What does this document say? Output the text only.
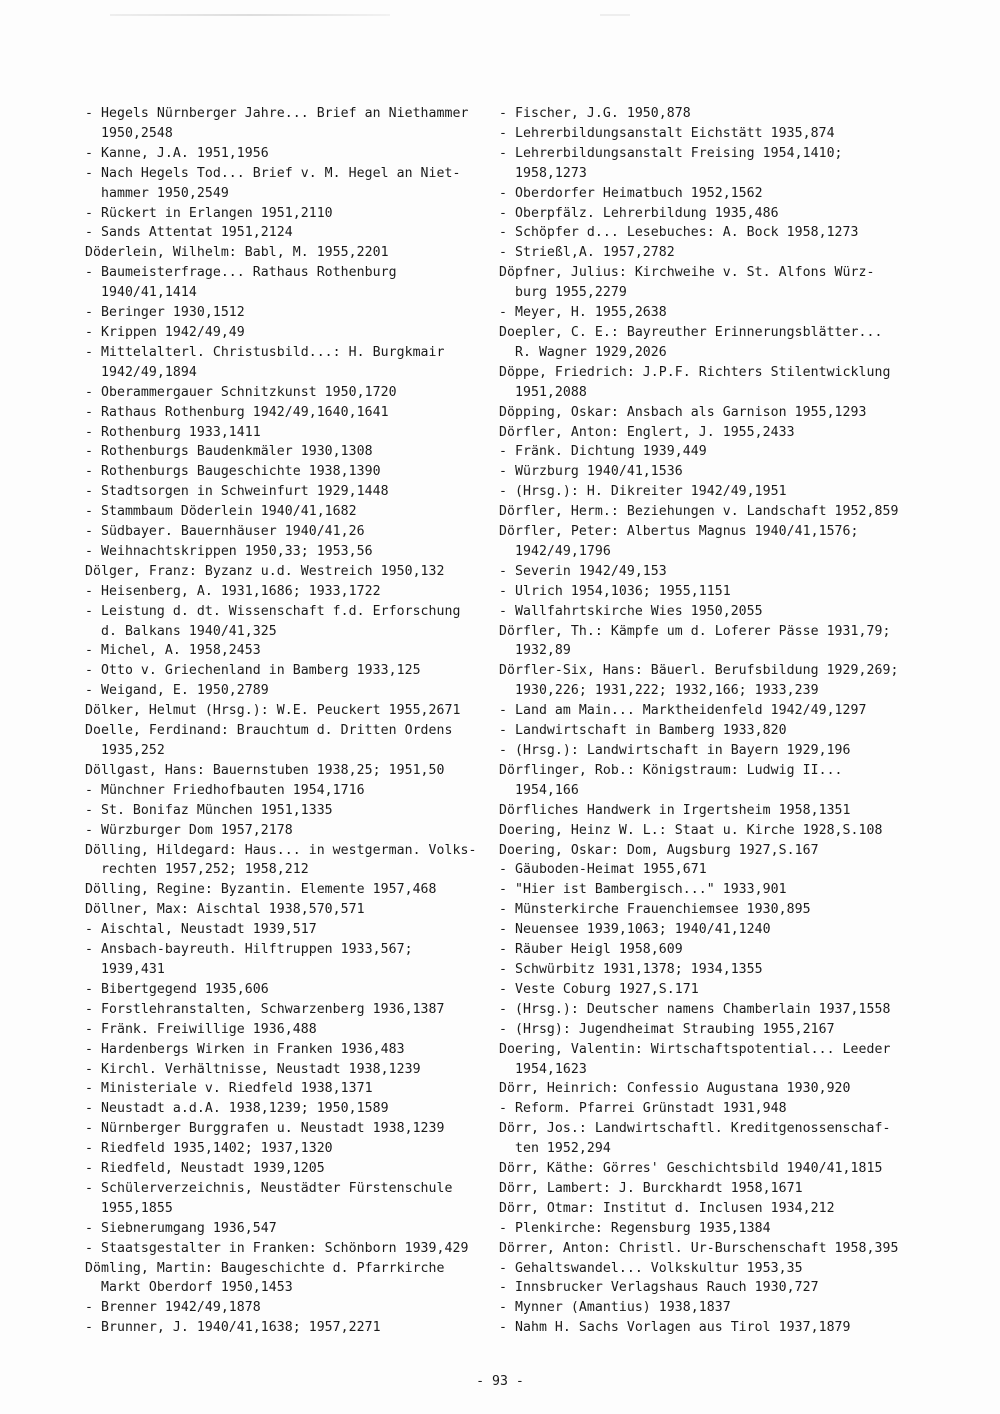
- Hegels Nürnberger Jahre... Brief an Niethammer
1950,2548
- Kanne, J.A. 1951,1956
- Nach Hegels Tod... Brief v. M. Hegel an Niet-
hammer 1950,2549
- Rückert in Erlangen 1951,2110
- Sands Attentat 1951,2124
Döderlein, Wilhelm: Babl, M. 1955,2201
- Baumeisterfrage... Rathaus Rothenburg
1940/41,1414
- Beringer 1930,1512
- Krippen 1942/49,49
- Mittelalterl. Christusbild...: H. Burgkmair
1942/49,1894
- Oberammergauer Schnitzkunst 1950,1720
- Rathaus Rothenburg 1942/49,1640,1641
- Rothenburg 1933,1411
- Rothenburgs Baudenkmäler 1930,1308
- Rothenburgs Baugeschichte 1938,1390
- Stadtsorgen in Schweinfurt 1929,1448
- Stammbaum Döderlein 1940/41,1682
- Südbayer. Bauernhäuser 1940/41,26
- Weihnachtskrippen 1950,33; 1953,56
Dölger, Franz: Byzanz u.d. Westreich 1950,132
- Heisenberg, A. 1931,1686; 1933,1722
- Leistung d. dt. Wissenschaft f.d. Erforschung
d. Balkans 1940/41,325
- Michel, A. 1958,2453
- Otto v. Griechenland in Bamberg 1933,125
- Weigand, E. 1950,2789
Dölker, Helmut (Hrsg.): W.E. Peuckert 1955,2671
Doelle, Ferdinand: Brauchtum d. Dritten Ordens
1935,252
Döllgast, Hans: Bauernstuben 1938,25; 1951,50
- Münchner Friedhofbauten 1954,1716
- St. Bonifaz München 1951,1335
- Würzburger Dom 1957,2178
Dölling, Hildegard: Haus... in westgerman. Volks-
rechten 1957,252; 1958,212
Dölling, Regine: Byzantin. Elemente 1957,468
Döllner, Max: Aischtal 1938,570,571
- Aischtal, Neustadt 1939,517
- Ansbach-bayreuth. Hilftruppen 1933,567;
1939,431
- Bibertgegend 1935,606
- Forstlehranstalten, Schwarzenberg 1936,1387
- Fränk. Freiwillige 1936,488
- Hardenbergs Wirken in Franken 1936,483
- Kirchl. Verhältnisse, Neustadt 1938,1239
- Ministeriale v. Riedfeld 1938,1371
- Neustadt a.d.A. 1938,1239; 1950,1589
- Nürnberger Burggrafen u. Neustadt 1938,1239
- Riedfeld 1935,1402; 1937,1320
- Riedfeld, Neustadt 1939,1205
- Schülerverzeichnis, Neustädter Fürstenschule
1955,1855
- Siebnerumgang 1936,547
- Staatsgestalter in Franken: Schönborn 1939,429
Dömling, Martin: Baugeschichte d. Pfarrkirche
Markt Oberdorf 1950,1453
- Brenner 1942/49,1878
- Brunner, J. 1940/41,1638; 1957,2271
- Fischer, J.G. 1950,878
- Lehrerbildungsanstalt Eichstätt 1935,874
- Lehrerbildungsanstalt Freising 1954,1410;
1958,1273
- Oberdorfer Heimatbuch 1952,1562
- Oberpfälz. Lehrerbildung 1935,486
- Schöpfer d... Lesebuches: A. Bock 1958,1273
- Strießl,A. 1957,2782
Döpfner, Julius: Kirchweihe v. St. Alfons Würz-
burg 1955,2279
- Meyer, H. 1955,2638
Doepler, C. E.: Bayreuther Erinnerungsblätter...
R. Wagner 1929,2026
Döppe, Friedrich: J.P.F. Richters Stilentwicklung
1951,2088
Döpping, Oskar: Ansbach als Garnison 1955,1293
Dörfler, Anton: Englert, J. 1955,2433
- Fränk. Dichtung 1939,449
- Würzburg 1940/41,1536
- (Hrsg.): H. Dikreiter 1942/49,1951
Dörfler, Herm.: Beziehungen v. Landschaft 1952,859
Dörfler, Peter: Albertus Magnus 1940/41,1576;
1942/49,1796
- Severin 1942/49,153
- Ulrich 1954,1036; 1955,1151
- Wallfahrtskirche Wies 1950,2055
Dörfler, Th.: Kämpfe um d. Loferer Pässe 1931,79;
1932,89
Dörfler-Six, Hans: Bäuerl. Berufsbildung 1929,269;
1930,226; 1931,222; 1932,166; 1933,239
- Land am Main... Marktheidenfeld 1942/49,1297
- Landwirtschaft in Bamberg 1933,820
- (Hrsg.): Landwirtschaft in Bayern 1929,196
Dörflinger, Rob.: Königstraum: Ludwig II...
1954,166
Dörfliches Handwerk in Irgertsheim 1958,1351
Doering, Heinz W. L.: Staat u. Kirche 1928,S.108
Doering, Oskar: Dom, Augsburg 1927,S.167
- Gäuboden-Heimat 1955,671
- "Hier ist Bambergisch..." 1933,901
- Münsterkirche Frauenchiemsee 1930,895
- Neuensee 1939,1063; 1940/41,1240
- Räuber Heigl 1958,609
- Schwürbitz 1931,1378; 1934,1355
- Veste Coburg 1927,S.171
- (Hrsg.): Deutscher namens Chamberlain 1937,1558
- (Hrsg): Jugendheimat Straubing 1955,2167
Doering, Valentin: Wirtschaftspotential... Leeder
1954,1623
Dörr, Heinrich: Confessio Augustana 1930,920
- Reform. Pfarrei Grünstadt 1931,948
Dörr, Jos.: Landwirtschaftl. Kreditgenossenschaf-
ten 1952,294
Dörr, Käthe: Görres' Geschichtsbild 1940/41,1815
Dörr, Lambert: J. Burckhardt 1958,1671
Dörr, Otmar: Institut d. Inclusen 1934,212
- Plenkirche: Regensburg 1935,1384
Dörrer, Anton: Christl. Ur-Burschenschaft 1958,395
- Gehaltswandel... Volkskultur 1953,35
- Innsbrucker Verlagshaus Rauch 1930,727
- Mynner (Amantius) 1938,1837
- Nahm H. Sachs Vorlagen aus Tirol 1937,1879
- 93 -
